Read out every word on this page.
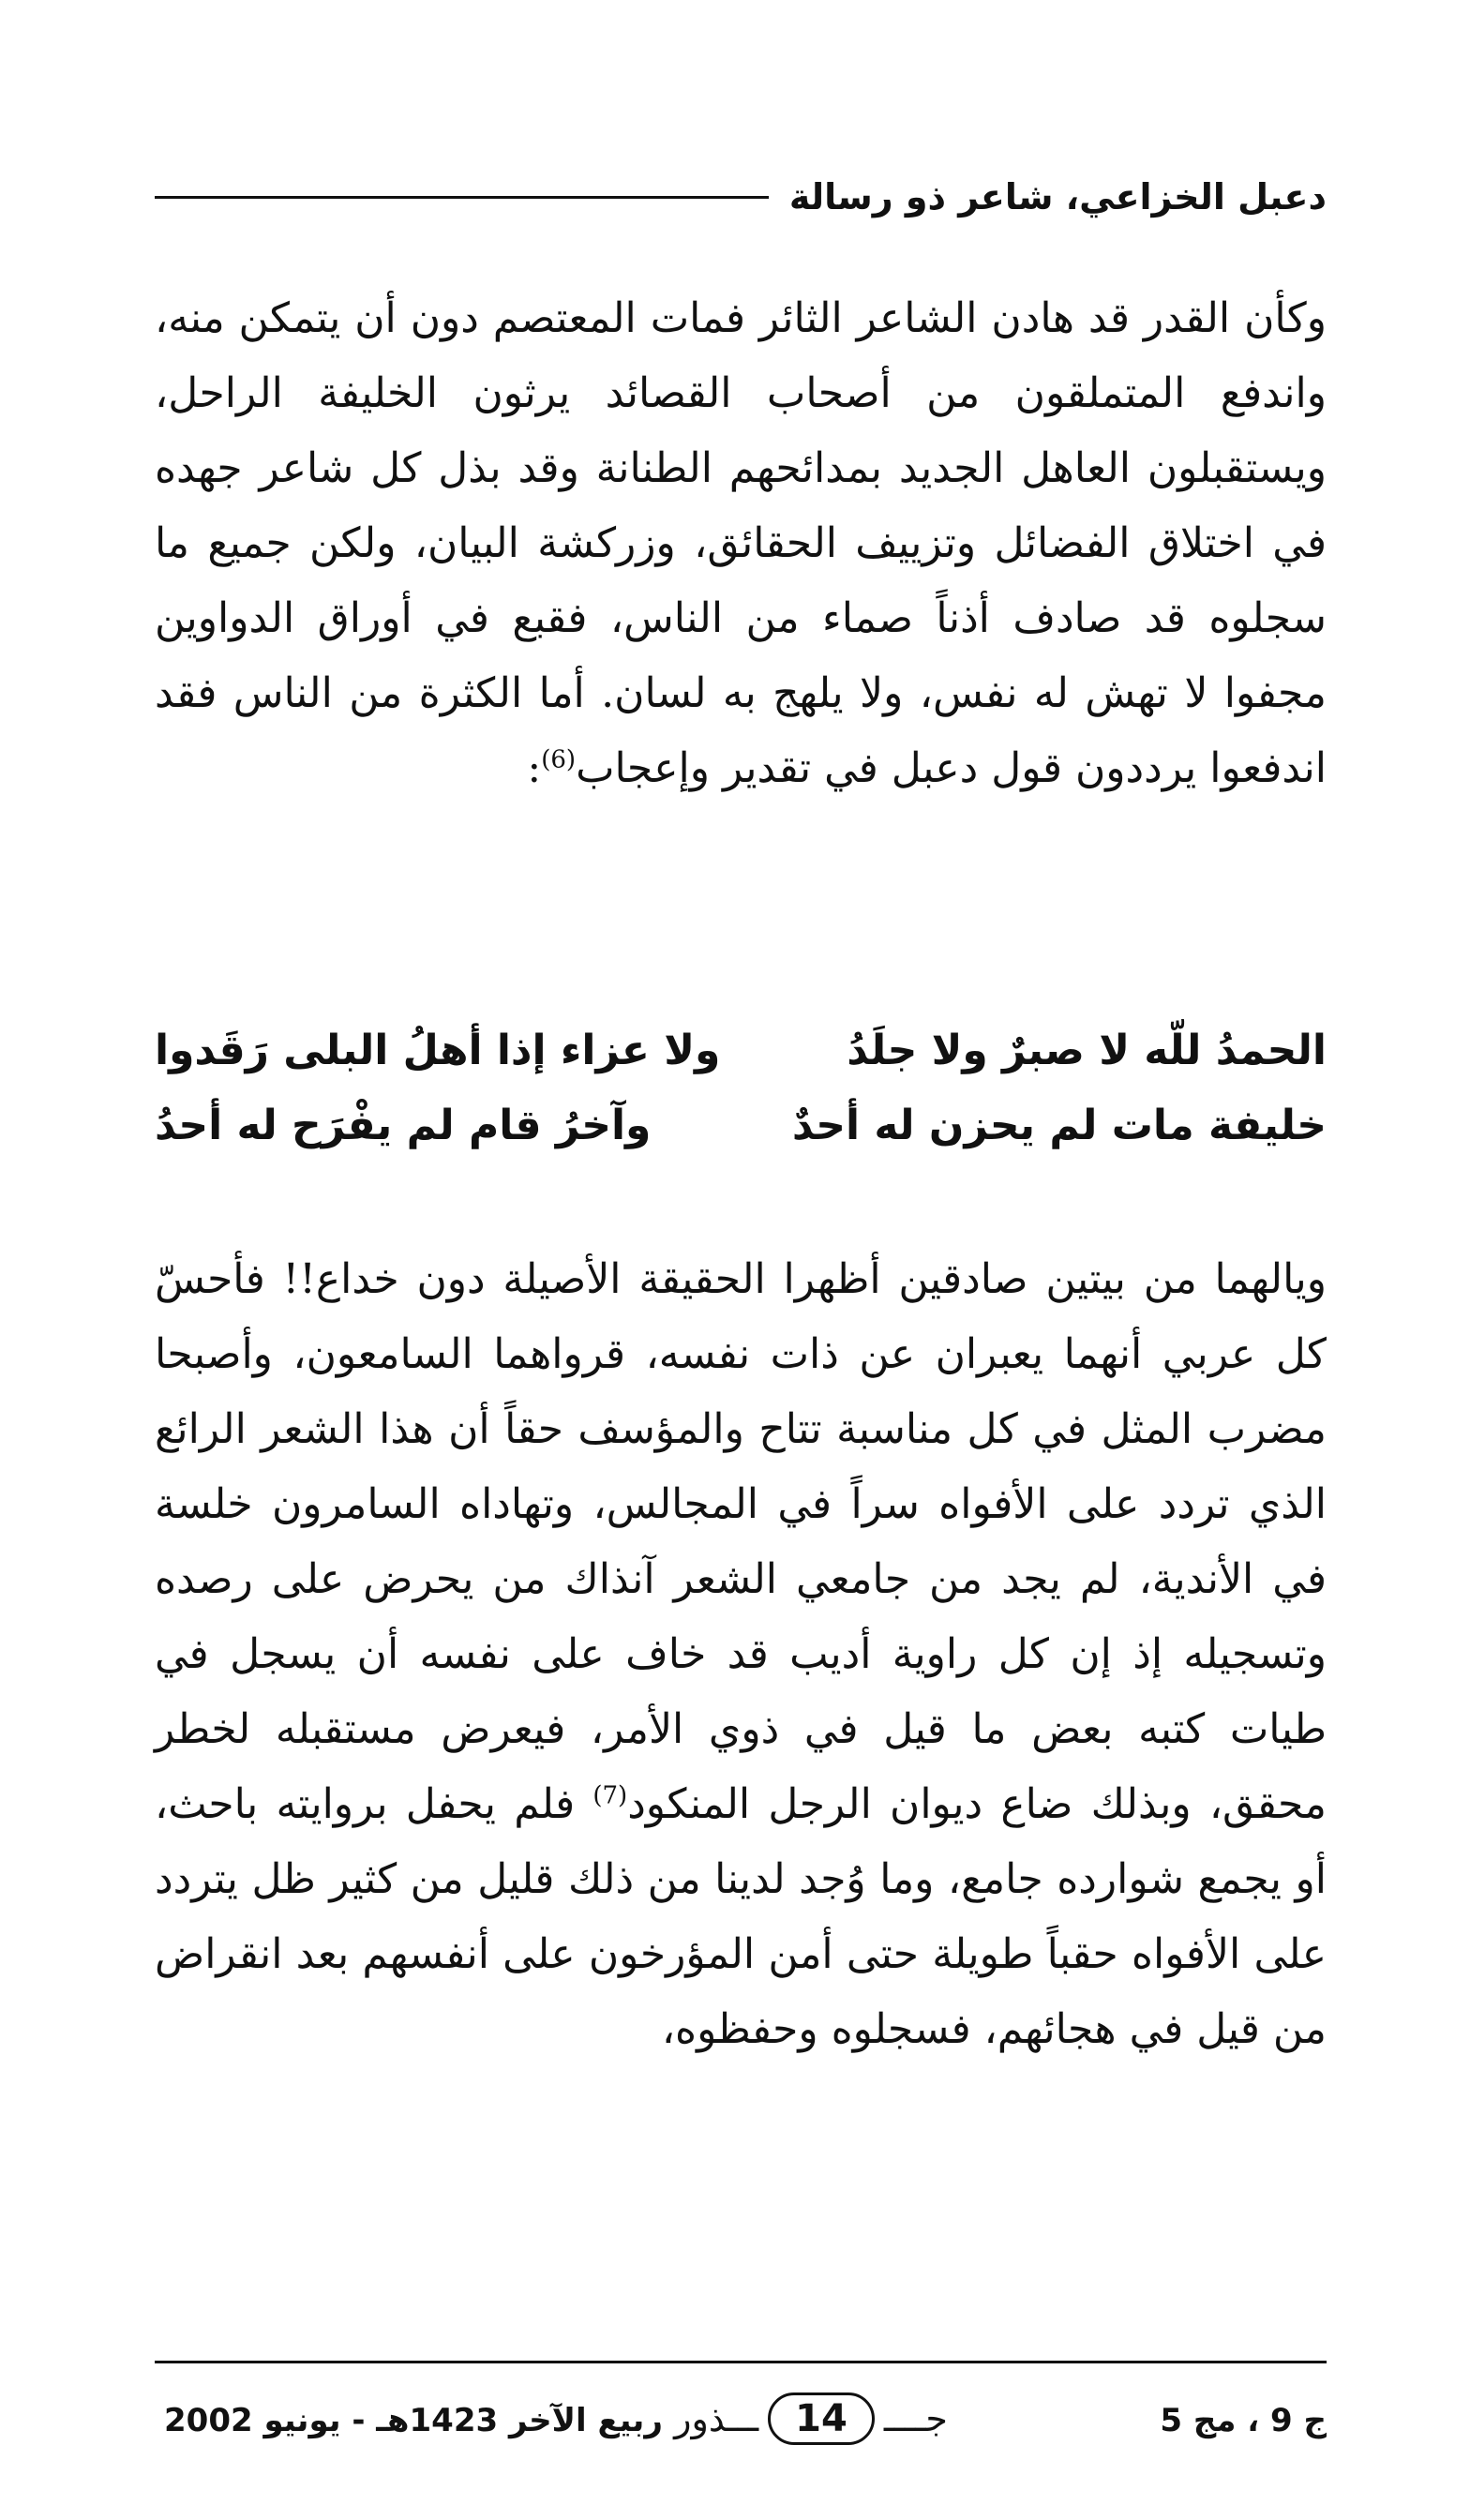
دعبل الخزاعي، شاعر ذو رسالة

وكأن القدر قد هادن الشاعر الثائر فمات المعتصم دون أن يتمكن منه، واندفع المتملقون من أصحاب القصائد يرثون الخليفة الراحل، ويستقبلون العاهل الجديد بمدائحهم الطنانة وقد بذل كل شاعر جهده في اختلاق الفضائل وتزييف الحقائق، وزركشة البيان، ولكن جميع ما سجلوه قد صادف أذناً صماء من الناس، فقبع في أوراق الدواوين مجفوا لا تهش له نفس، ولا يلهج به لسان. أما الكثرة من الناس فقد اندفعوا يرددون قول دعبل في تقدير وإعجاب$^{(6)}$:

الحمدُ للّه لا صبرٌ ولا جلَدُ
ولا عزاء إذا أهلُ البلى رَقَدوا
خليفة مات لم يحزن له أحدٌ
وآخرُ قام لم يفْرَح له أحدُ

ويالهما من بيتين صادقين أظهرا الحقيقة الأصيلة دون خداع!! فأحسّ كل عربي أنهما يعبران عن ذات نفسه، قرواهما السامعون، وأصبحا مضرب المثل في كل مناسبة تتاح والمؤسف حقاً أن هذا الشعر الرائع الذي تردد على الأفواه سراً في المجالس، وتهاداه السامرون خلسة في الأندية، لم يجد من جامعي الشعر آنذاك من يحرض على رصده وتسجيله إذ إن كل راوية أديب قد خاف على نفسه أن يسجل في طيات كتبه بعض ما قيل في ذوي الأمر، فيعرض مستقبله لخطر محقق، وبذلك ضاع ديوان الرجل المنكود$^{(7)}$ فلم يحفل بروايته باحث، أو يجمع شوارده جامع، وما وُجد لدينا من ذلك قليل من كثير ظل يتردد على الأفواه حقباً طويلة حتى أمن المؤرخون على أنفسهم بعد انقراض من قيل في هجائهم، فسجلوه وحفظوه،

ج 9 ، مج 5
جــــ
14
ـــذور
ربيع الآخر 1423هـ - يونيو 2002
